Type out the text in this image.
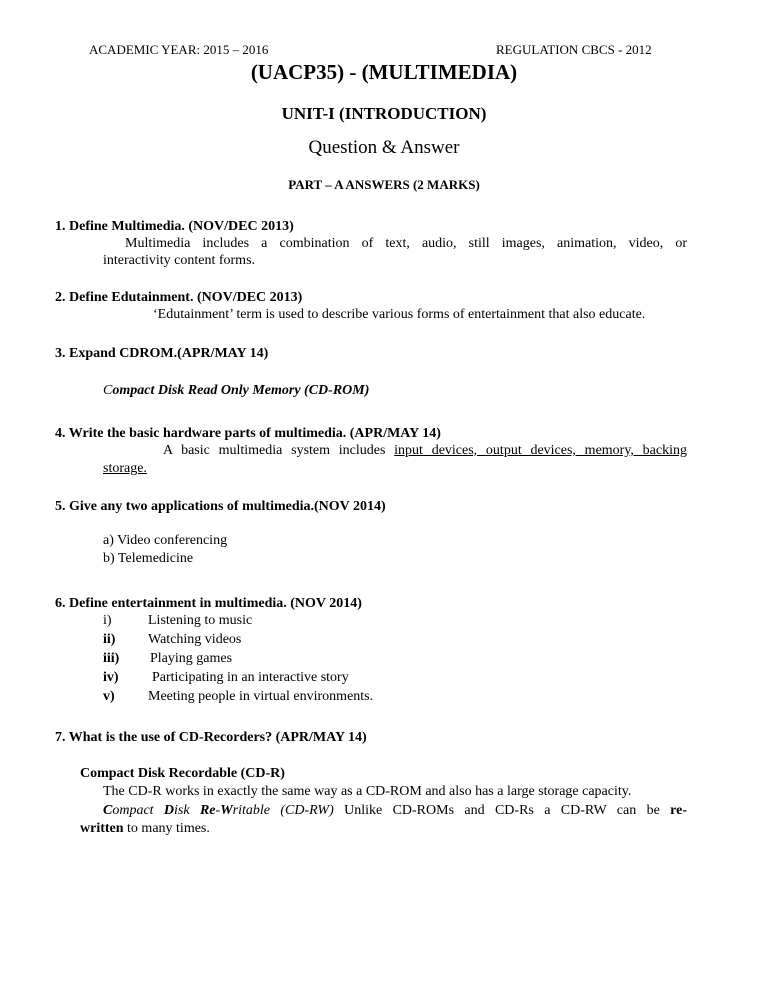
ACADEMIC YEAR: 2015 – 2016	REGULATION CBCS - 2012
(UACP35) - (MULTIMEDIA)
UNIT-I (INTRODUCTION)
Question & Answer
PART – A ANSWERS (2 MARKS)
1. Define Multimedia. (NOV/DEC 2013)
Multimedia includes a combination of text, audio, still images, animation, video, or
interactivity content forms.
2. Define Edutainment. (NOV/DEC 2013)
‘Edutainment’ term is used to describe various forms of entertainment that also educate.
3. Expand CDROM.(APR/MAY 14)
Compact Disk Read Only Memory (CD-ROM)
4. Write the basic hardware parts of multimedia. (APR/MAY 14)
A basic multimedia system includes input devices, output devices, memory, backing
storage.
5. Give any two applications of multimedia.(NOV 2014)
a) Video conferencing
b) Telemedicine
6. Define entertainment in multimedia. (NOV 2014)
i)	Listening to music
ii) Watching videos
iii) Playing games
iv) Participating in an interactive story
v) Meeting people in virtual environments.
7. What is the use of CD-Recorders? (APR/MAY 14)
Compact Disk Recordable (CD-R)
The CD-R works in exactly the same way as a CD-ROM and also has a large storage capacity.
Compact Disk Re-Writable (CD-RW) Unlike CD-ROMs and CD-Rs a CD-RW can be re-
written to many times.
